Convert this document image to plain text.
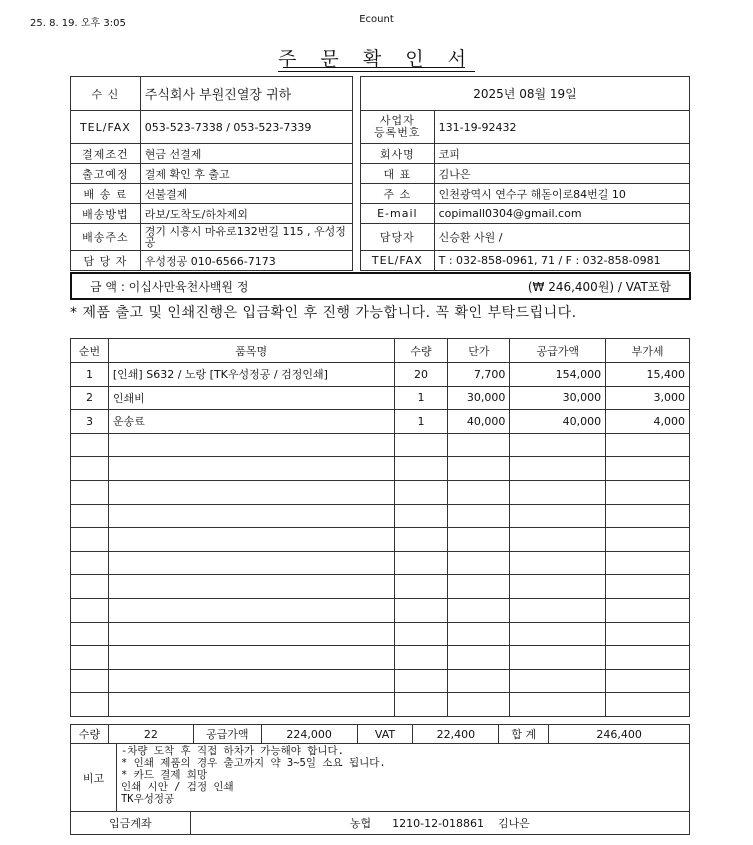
25. 8. 19. 오후 3:05	Ecount
주 문 확 인 서
수 신	주식회사 부원진열장 귀하
TEL/FAX	053-523-7338 / 053-523-7339
결제조건	현금 선결제
출고예정	결제 확인 후 출고
배 송 료	선불결제
배송방법	라보/도착도/하차제외
배송주소	경기 시흥시 마유로132번길 115 , 우성정공
담 당 자	우성정공 010-6566-7173
2025년 08월 19일	
사업자
등록번호	131-19-92432
회사명	코피
대 표	김나은
주 소	인천광역시 연수구 해돋이로84번길 10
E-mail	copimall0304@gmail.com
담당자	신승환 사원 /
TEL/FAX	T : 032-858-0961, 71 / F : 032-858-0981
금 액 : 이십사만육천사백원 정	(₩ 246,400원) / VAT포함
* 제품 출고 및 인쇄진행은 입금확인 후 진행 가능합니다. 꼭 확인 부탁드립니다.
순번	품목명	수량	단가	공급가액	부가세
1	[인쇄] S632 / 노랑 [TK우성정공 / 검정인쇄]	20	7,700	154,000	15,400
2	인쇄비	1	30,000	30,000	3,000
3	운송료	1	40,000	40,000	4,000

수량	22	공급가액	224,000	VAT	22,400	합 계	246,400
비고	
-차량 도착 후 직접 하차가 가능해야 합니다.
* 인쇄 제품의 경우 출고까지 약 3~5일 소요 됩니다.
* 카드 결제 희망
인쇄 시안 / 검정 인쇄
TK우성정공
입금계좌	농협 1210-12-018861 김나은
